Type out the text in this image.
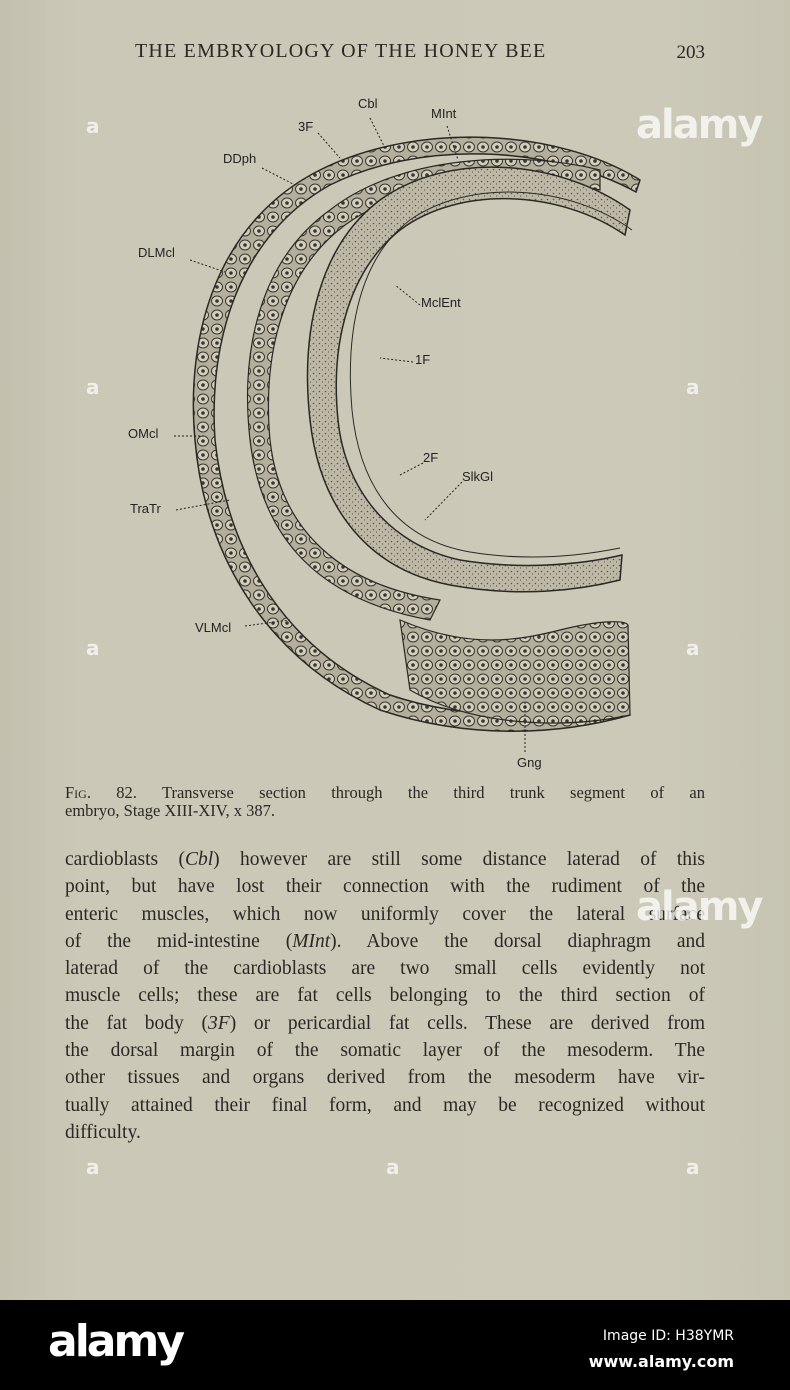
THE EMBRYOLOGY OF THE HONEY BEE	203
Cbl
MInt
3F
DDph
DLMcl
MclEnt
1F
OMcl
2F
SlkGl
TraTr
VLMcl
Gng
Fig. 82. Transverse section through the third trunk segment of an
embryo, Stage XIII-XIV, x 387.
cardioblasts (Cbl) however are still some distance laterad of this
point, but have lost their connection with the rudiment of the
enteric muscles, which now uniformly cover the lateral surface
of the mid-intestine (MInt). Above the dorsal diaphragm and
laterad of the cardioblasts are two small cells evidently not
muscle cells; these are fat cells belonging to the third section of
the fat body (3F) or pericardial fat cells. These are derived from
the dorsal margin of the somatic layer of the mesoderm. The
other tissues and organs derived from the mesoderm have vir-
tually attained their final form, and may be recognized without
difficulty.
alamy
alamy
a
a
a
a	a
a
a
a
alamy	Image ID: H38YMR
www.alamy.com
